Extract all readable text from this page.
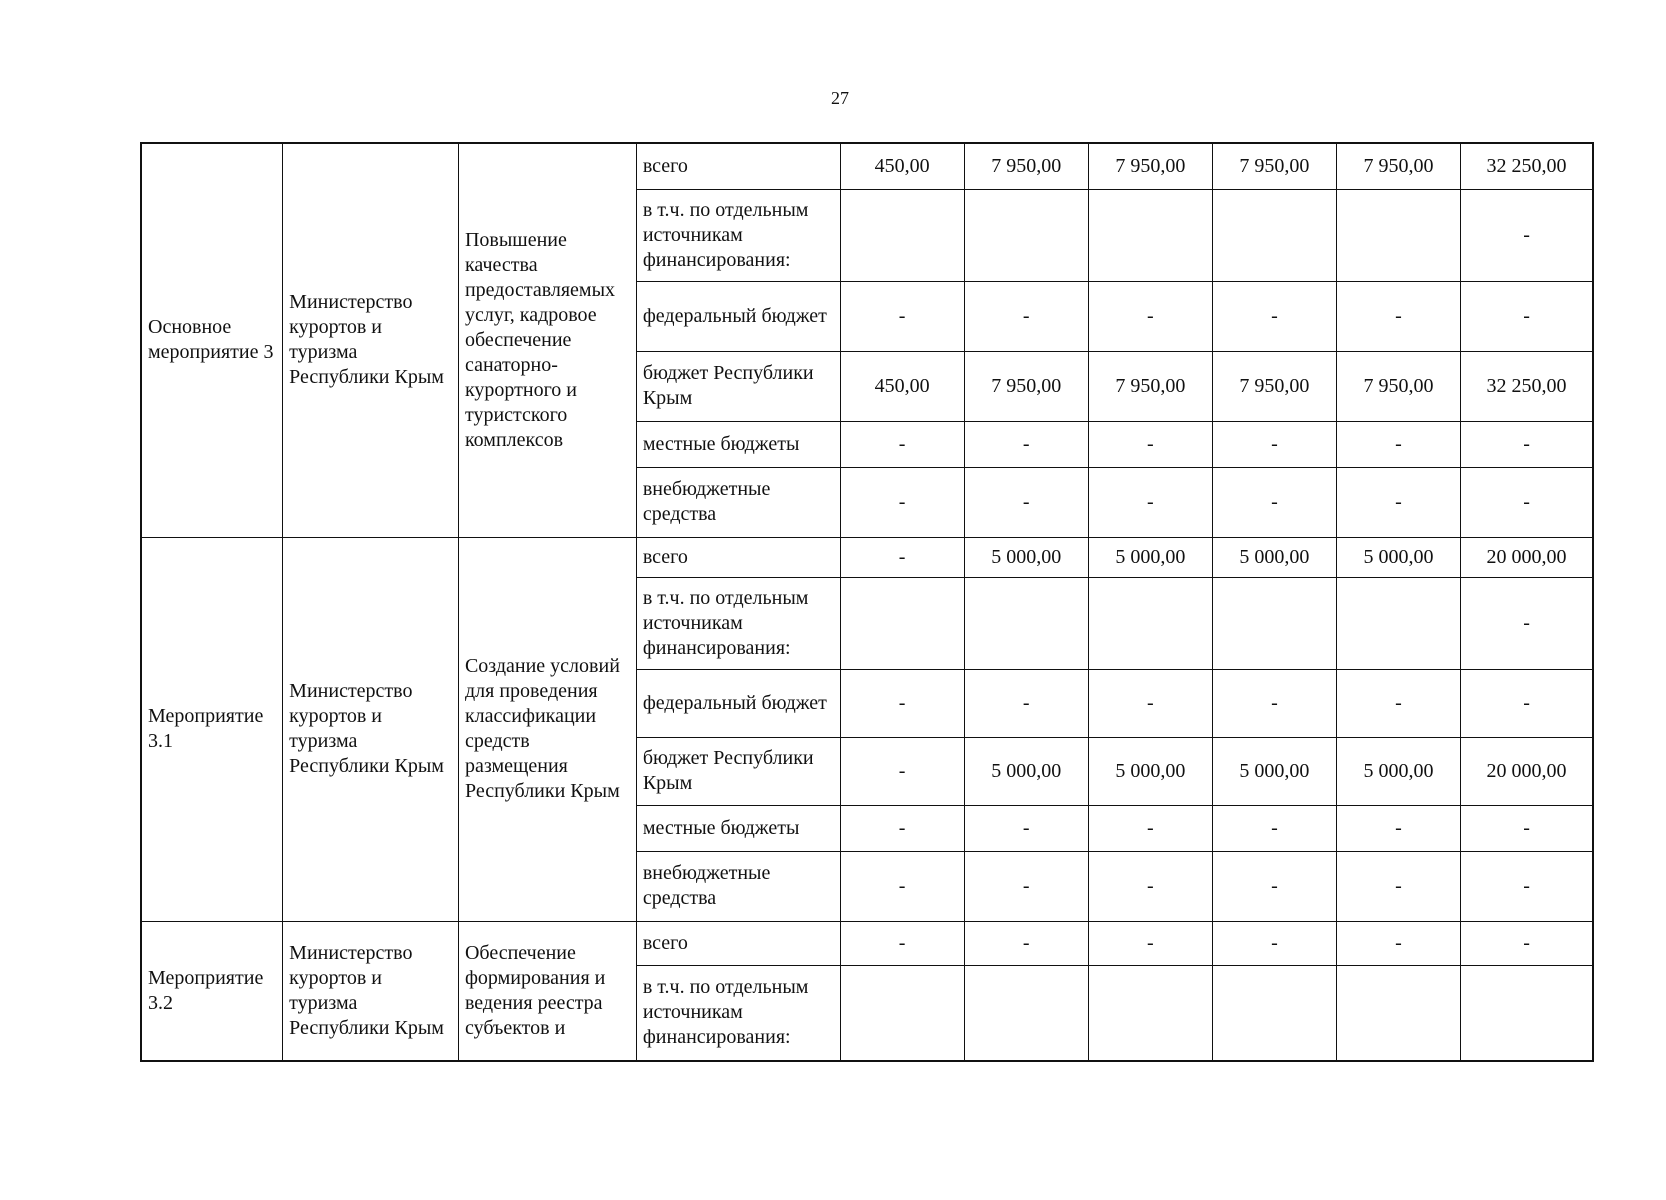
27
Основное мероприятие 3	Министерство курортов и туризма Республики Крым	Повышение качества предоставляемых услуг, кадровое обеспечение санаторно-курортного и туристского комплексов	всего	450,00	7 950,00	7 950,00	7 950,00	7 950,00	32 250,00
			в т.ч. по отдельным источникам финансирования:						-
			федеральный бюджет	-	-	-	-	-	-
			бюджет Республики Крым	450,00	7 950,00	7 950,00	7 950,00	7 950,00	32 250,00
			местные бюджеты	-	-	-	-	-	-
			внебюджетные средства	-	-	-	-	-	-
Мероприятие 3.1	Министерство курортов и туризма Республики Крым	Создание условий для проведения классификации средств размещения Республики Крым	всего	-	5 000,00	5 000,00	5 000,00	5 000,00	20 000,00
			в т.ч. по отдельным источникам финансирования:						-
			федеральный бюджет	-	-	-	-	-	-
			бюджет Республики Крым	-	5 000,00	5 000,00	5 000,00	5 000,00	20 000,00
			местные бюджеты	-	-	-	-	-	-
			внебюджетные средства	-	-	-	-	-	-
Мероприятие 3.2	Министерство курортов и туризма Республики Крым	Обеспечение формирования и ведения реестра субъектов и	всего	-	-	-	-	-	-
			в т.ч. по отдельным источникам финансирования:						
